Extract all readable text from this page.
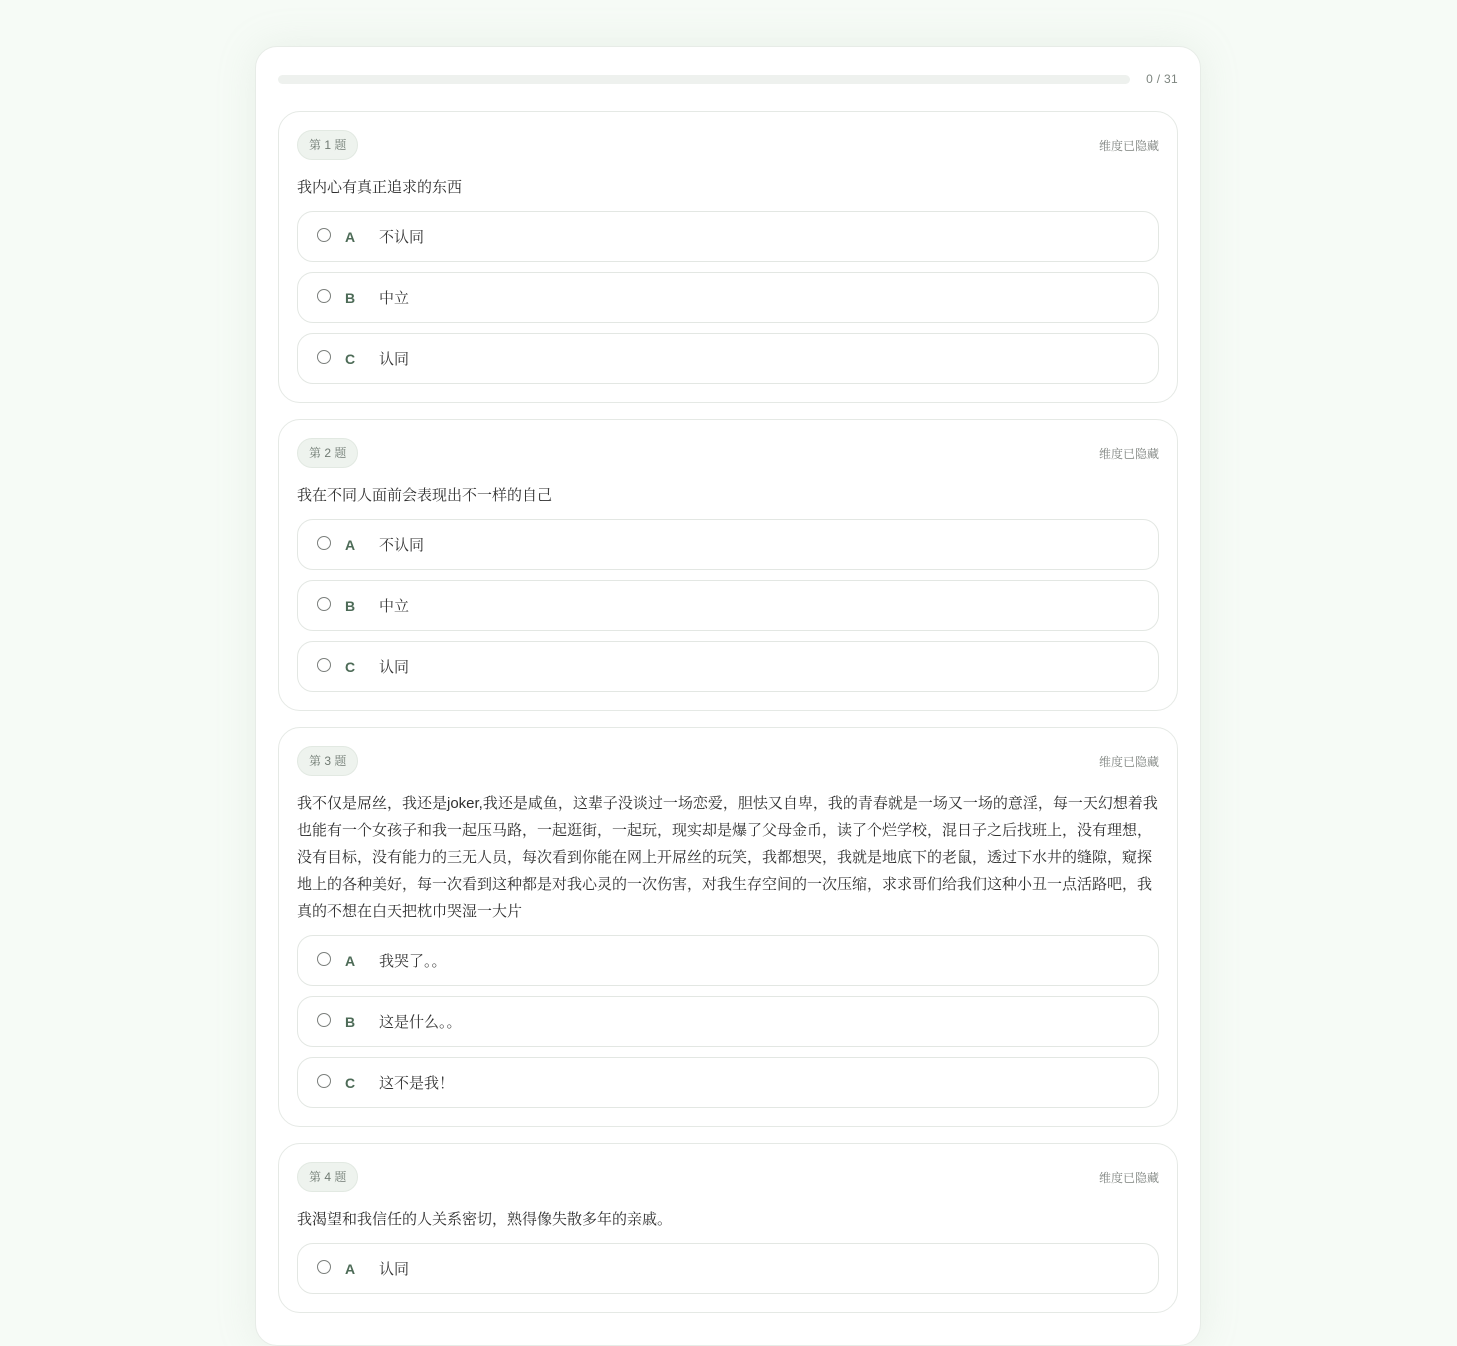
0 / 31
第 1 题	维度已隐藏
我内心有真正追求的东西
A	不认同
B	中立
C	认同
第 2 题	维度已隐藏
我在不同人面前会表现出不一样的自己
A	不认同
B	中立
C	认同
第 3 题	维度已隐藏
我不仅是屌丝，我还是joker,我还是咸鱼，这辈子没谈过一场恋爱，胆怯又自卑，我的青春就是一场又一场的意淫，每一天幻想着我也能有一个女孩子和我一起压马路，一起逛街，一起玩，现实却是爆了父母金币，读了个烂学校，混日子之后找班上，没有理想，没有目标，没有能力的三无人员，每次看到你能在网上开屌丝的玩笑，我都想哭，我就是地底下的老鼠，透过下水井的缝隙，窥探地上的各种美好，每一次看到这种都是对我心灵的一次伤害，对我生存空间的一次压缩，求求哥们给我们这种小丑一点活路吧，我真的不想在白天把枕巾哭湿一大片
A	我哭了。。
B	这是什么。。
C	这不是我！
第 4 题	维度已隐藏
我渴望和我信任的人关系密切，熟得像失散多年的亲戚。
A	认同
